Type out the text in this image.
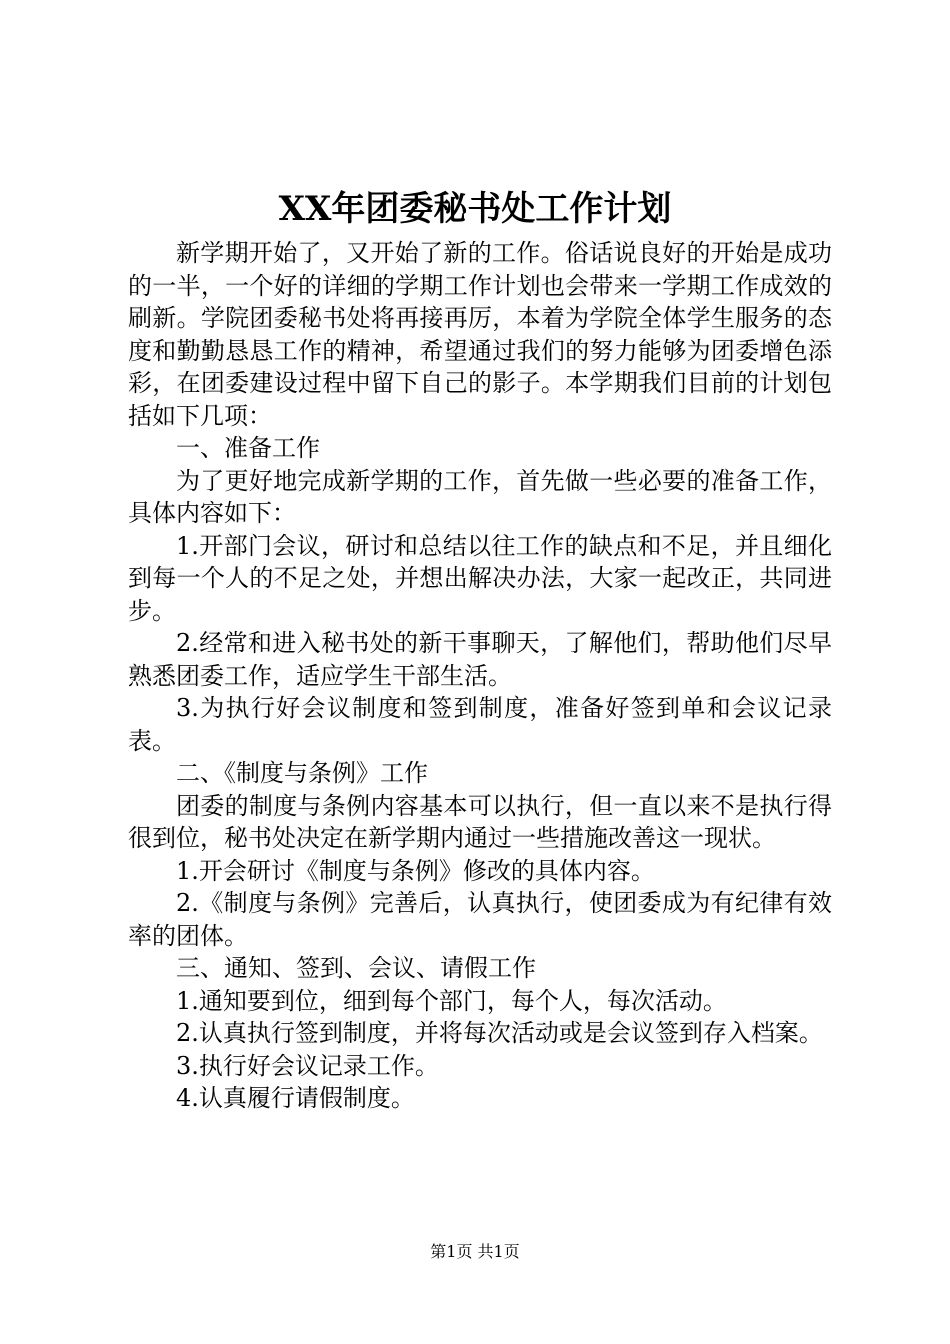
XX年团委秘书处工作计划

新学期开始了，又开始了新的工作。俗话说良好的开始是成功的一半，一个好的详细的学期工作计划也会带来一学期工作成效的刷新。学院团委秘书处将再接再厉，本着为学院全体学生服务的态度和勤勤恳恳工作的精神，希望通过我们的努力能够为团委增色添彩，在团委建设过程中留下自己的影子。本学期我们目前的计划包括如下几项：

一、准备工作

为了更好地完成新学期的工作，首先做一些必要的准备工作，具体内容如下：

1.开部门会议，研讨和总结以往工作的缺点和不足，并且细化到每一个人的不足之处，并想出解决办法，大家一起改正，共同进步。

2.经常和进入秘书处的新干事聊天，了解他们，帮助他们尽早熟悉团委工作，适应学生干部生活。

3.为执行好会议制度和签到制度，准备好签到单和会议记录表。

二、《制度与条例》工作

团委的制度与条例内容基本可以执行，但一直以来不是执行得很到位，秘书处决定在新学期内通过一些措施改善这一现状。

1.开会研讨《制度与条例》修改的具体内容。

2.《制度与条例》完善后，认真执行，使团委成为有纪律有效率的团体。

三、通知、签到、会议、请假工作

1.通知要到位，细到每个部门，每个人，每次活动。

2.认真执行签到制度，并将每次活动或是会议签到存入档案。

3.执行好会议记录工作。

4.认真履行请假制度。

第1页 共1页
